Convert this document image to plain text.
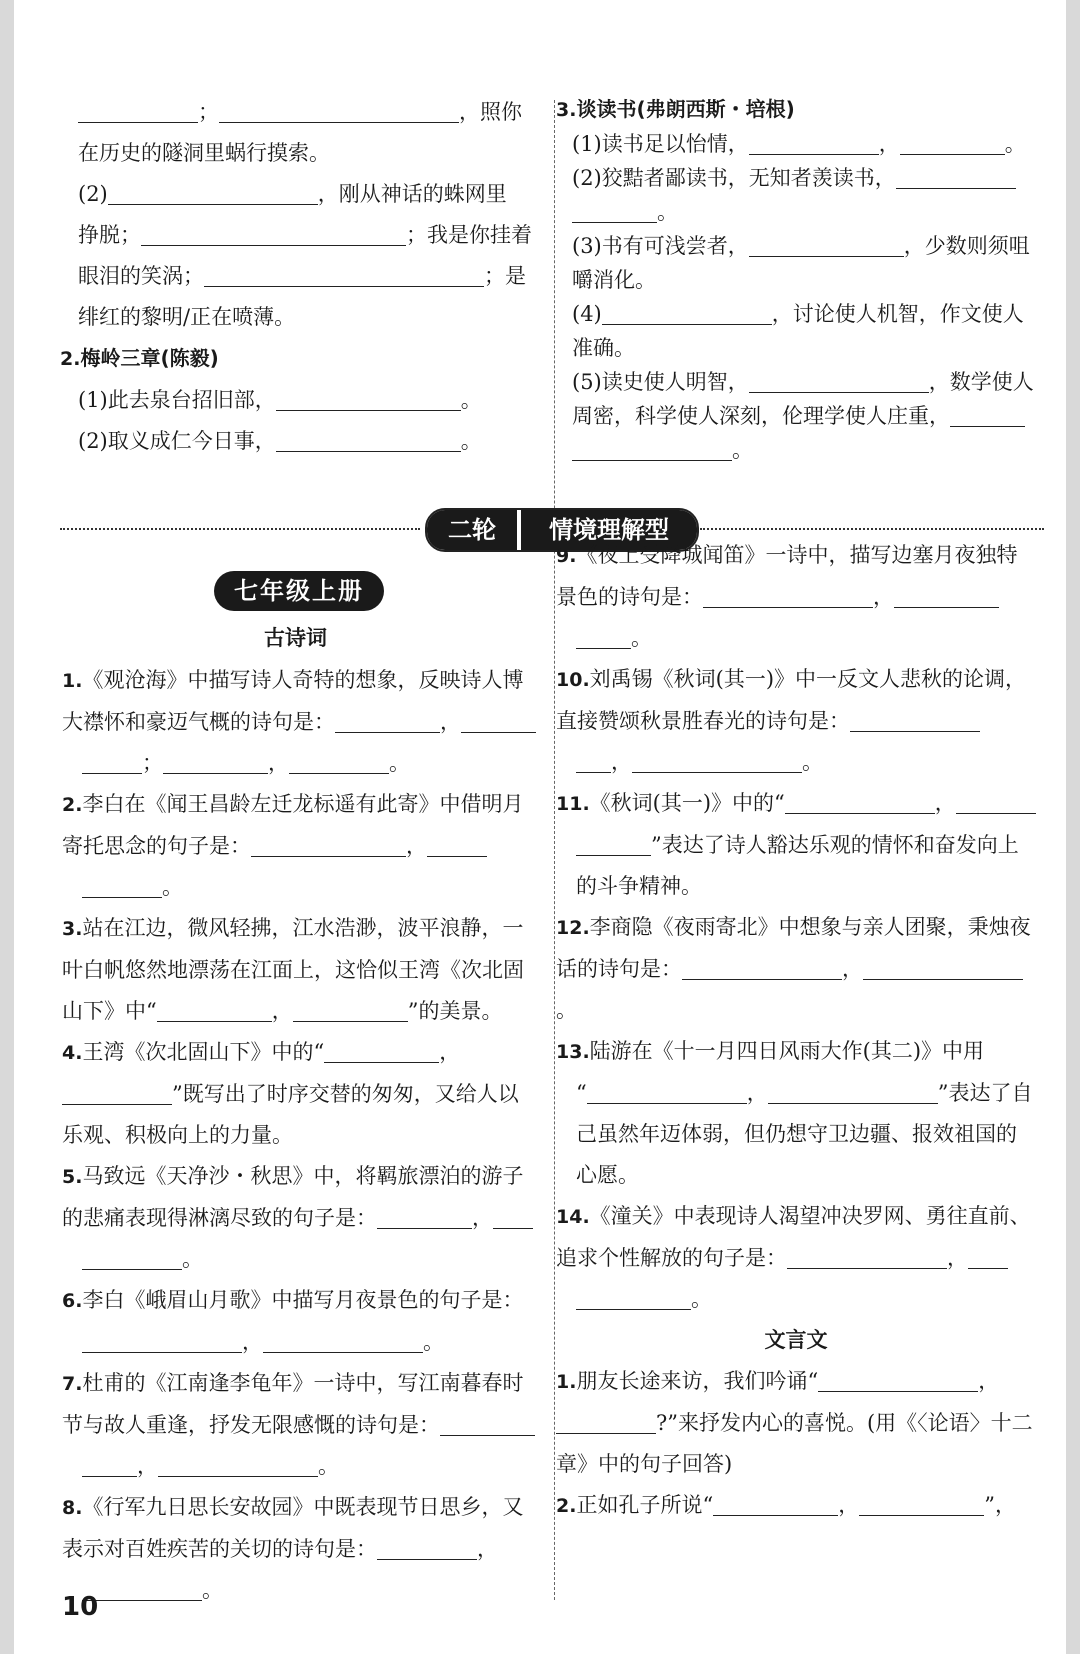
；	，照你

在历史的隧洞里蜗行摸索。

(2)	，刚从神话的蛛网里

挣脱；	；我是你挂着

眼泪的笑涡；	；是

绯红的黎明/正在喷薄。

2.梅岭三章(陈毅)

(1)此去泉台招旧部，	。

(2)取义成仁今日事，	。

3.谈读书(弗朗西斯・培根)

(1)读书足以怡情，	，	。

(2)狡黠者鄙读书，无知者羡读书，

。

(3)书有可浅尝者，	，少数则须咀

嚼消化。

(4)	，讨论使人机智，作文使人

准确。

(5)读史使人明智，	，数学使人

周密，科学使人深刻，伦理学使人庄重，

。

二轮	情境理解型
七年级上册
古诗词

1.《观沧海》中描写诗人奇特的想象，反映诗人博大襟怀和豪迈气概的诗句是：	，

；	，	。

2.李白在《闻王昌龄左迁龙标遥有此寄》中借明月寄托思念的句子是：	，

。

3.站在江边，微风轻拂，江水浩渺，波平浪静，一叶白帆悠然地漂荡在江面上，这恰似王湾《次北固山下》中“	，	”的美景。

4.王湾《次北固山下》中的“	，”既写出了时序交替的匆匆，又给人以乐观、积极向上的力量。

5.马致远《天净沙・秋思》中，将羁旅漂泊的游子的悲痛表现得淋漓尽致的句子是：	，

。

6.李白《峨眉山月歌》中描写月夜景色的句子是：

，	。

7.杜甫的《江南逢李龟年》一诗中，写江南暮春时节与故人重逢，抒发无限感慨的诗句是：

，	。

8.《行军九日思长安故园》中既表现节日思乡，又表示对百姓疾苦的关切的诗句是：	，

。

9.《夜上受降城闻笛》一诗中，描写边塞月夜独特景色的诗句是：	，

。

10.刘禹锡《秋词(其一)》中一反文人悲秋的论调，直接赞颂秋景胜春光的诗句是：

，	。

11.《秋词(其一)》中的“	，

”表达了诗人豁达乐观的情怀和奋发向上的斗争精神。

12.李商隐《夜雨寄北》中想象与亲人团聚，秉烛夜话的诗句是：	，。

13.陆游在《十一月四日风雨大作(其二)》中用

“	，	”表达了自己虽然年迈体弱，但仍想守卫边疆、报效祖国的心愿。

14.《潼关》中表现诗人渴望冲决罗网、勇往直前、追求个性解放的句子是：	，

。

文言文

1.朋友长途来访，我们吟诵“	，?”来抒发内心的喜悦。(用《〈论语〉十二章》中的句子回答)

2.正如孔子所说“	，	”，

10
